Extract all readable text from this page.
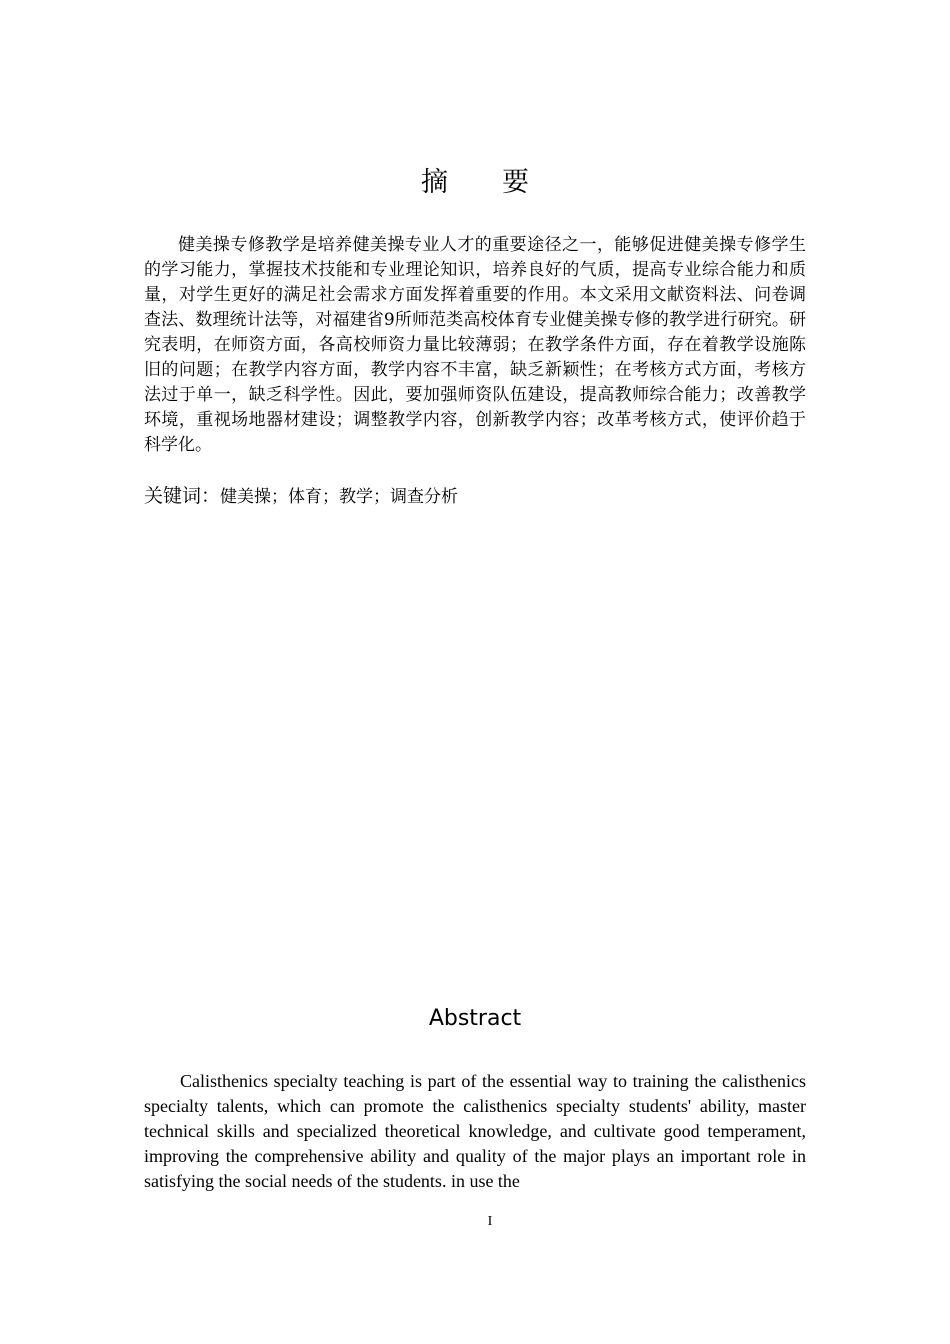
摘要

健美操专修教学是培养健美操专业人才的重要途径之一，能够促进健美操专修学生的学习能力，掌握技术技能和专业理论知识，培养良好的气质，提高专业综合能力和质量，对学生更好的满足社会需求方面发挥着重要的作用。本文采用文献资料法、问卷调查法、数理统计法等，对福建省9所师范类高校体育专业健美操专修的教学进行研究。研究表明，在师资方面，各高校师资力量比较薄弱；在教学条件方面，存在着教学设施陈旧的问题；在教学内容方面，教学内容不丰富，缺乏新颖性；在考核方式方面，考核方法过于单一，缺乏科学性。因此，要加强师资队伍建设，提高教师综合能力；改善教学环境，重视场地器材建设；调整教学内容，创新教学内容；改革考核方式，使评价趋于科学化。

关键词：健美操；体育；教学；调查分析
Abstract

Calisthenics specialty teaching is part of the essential way to training the calisthenics specialty talents, which can promote the calisthenics specialty students' ability, master technical skills and specialized theoretical knowledge, and cultivate good temperament, improving the comprehensive ability and quality of the major plays an important role in satisfying the social needs of the students. in use the

I
